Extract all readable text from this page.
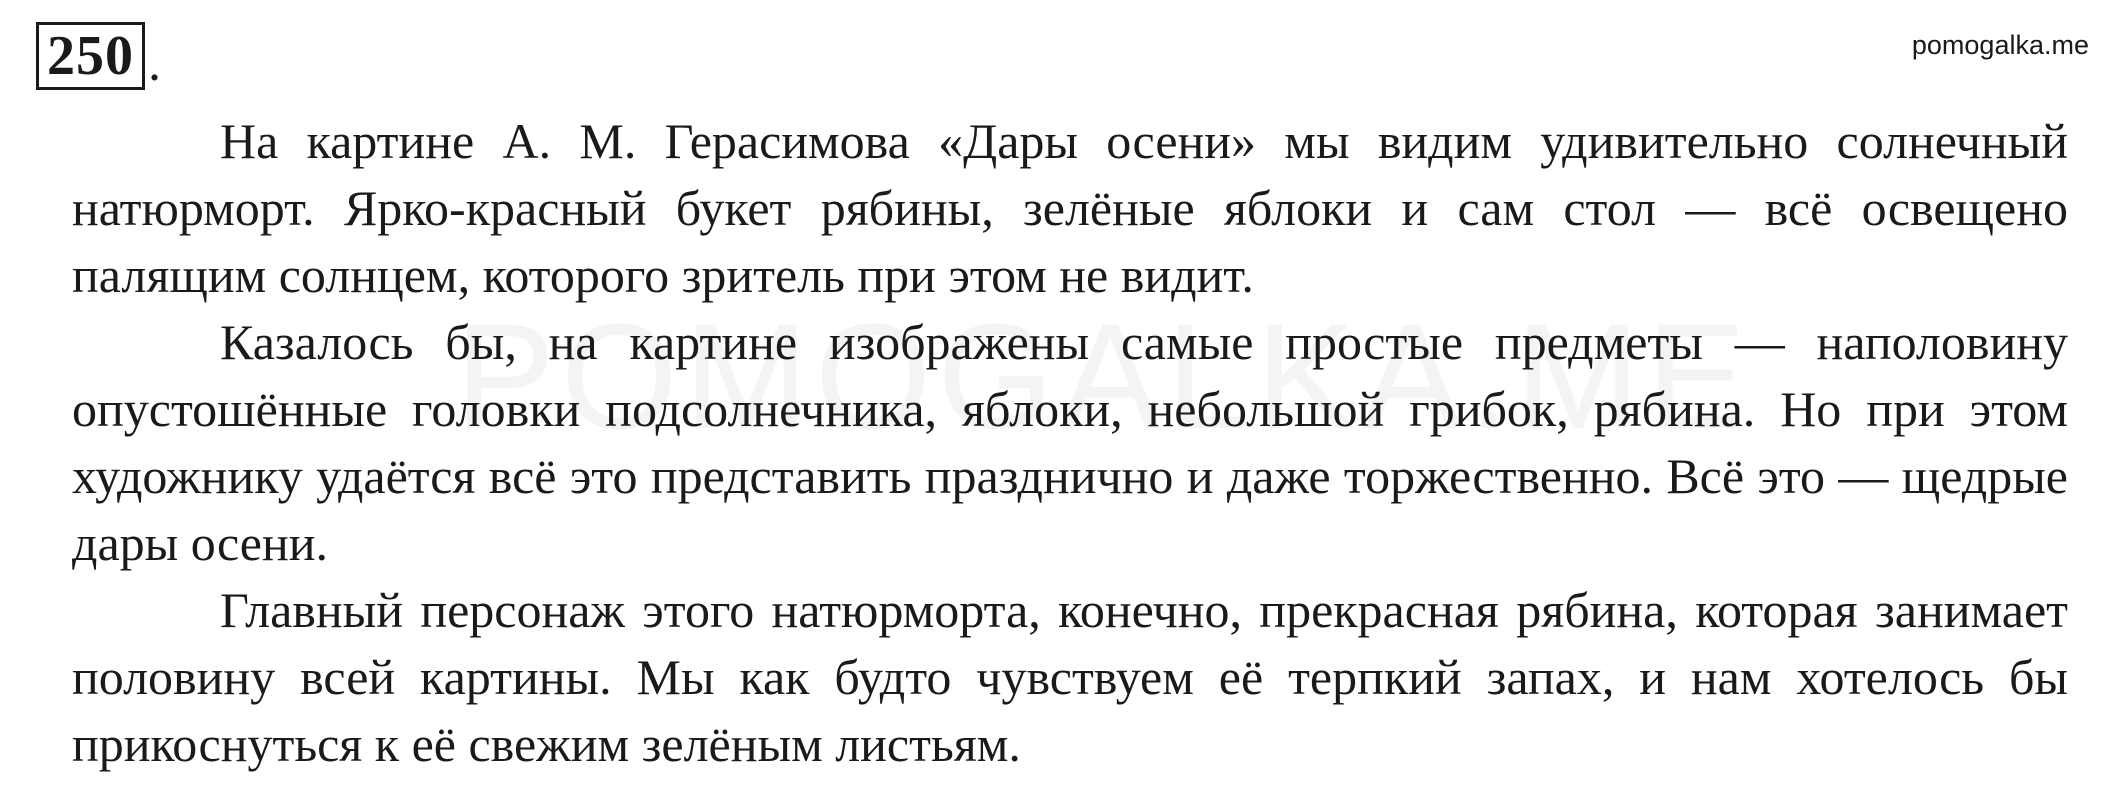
250 .	pomogalka.me

На картине А. М. Герасимова «Дары осени» мы видим удивительно солнечный натюрморт. Ярко-красный букет рябины, зелёные яблоки и сам стол — всё освещено палящим солнцем, которого зритель при этом не видит.

Казалось бы, на картине изображены самые простые предметы — наполовину опустошённые головки подсолнечника, яблоки, небольшой грибок, рябина. Но при этом художнику удаётся всё это представить празднично и даже торжественно. Всё это — щедрые дары осени.

Главный персонаж этого натюрморта, конечно, прекрасная рябина, которая занимает половину всей картины. Мы как будто чувствуем её терпкий запах, и нам хотелось бы прикоснуться к её свежим зелёным листьям.
